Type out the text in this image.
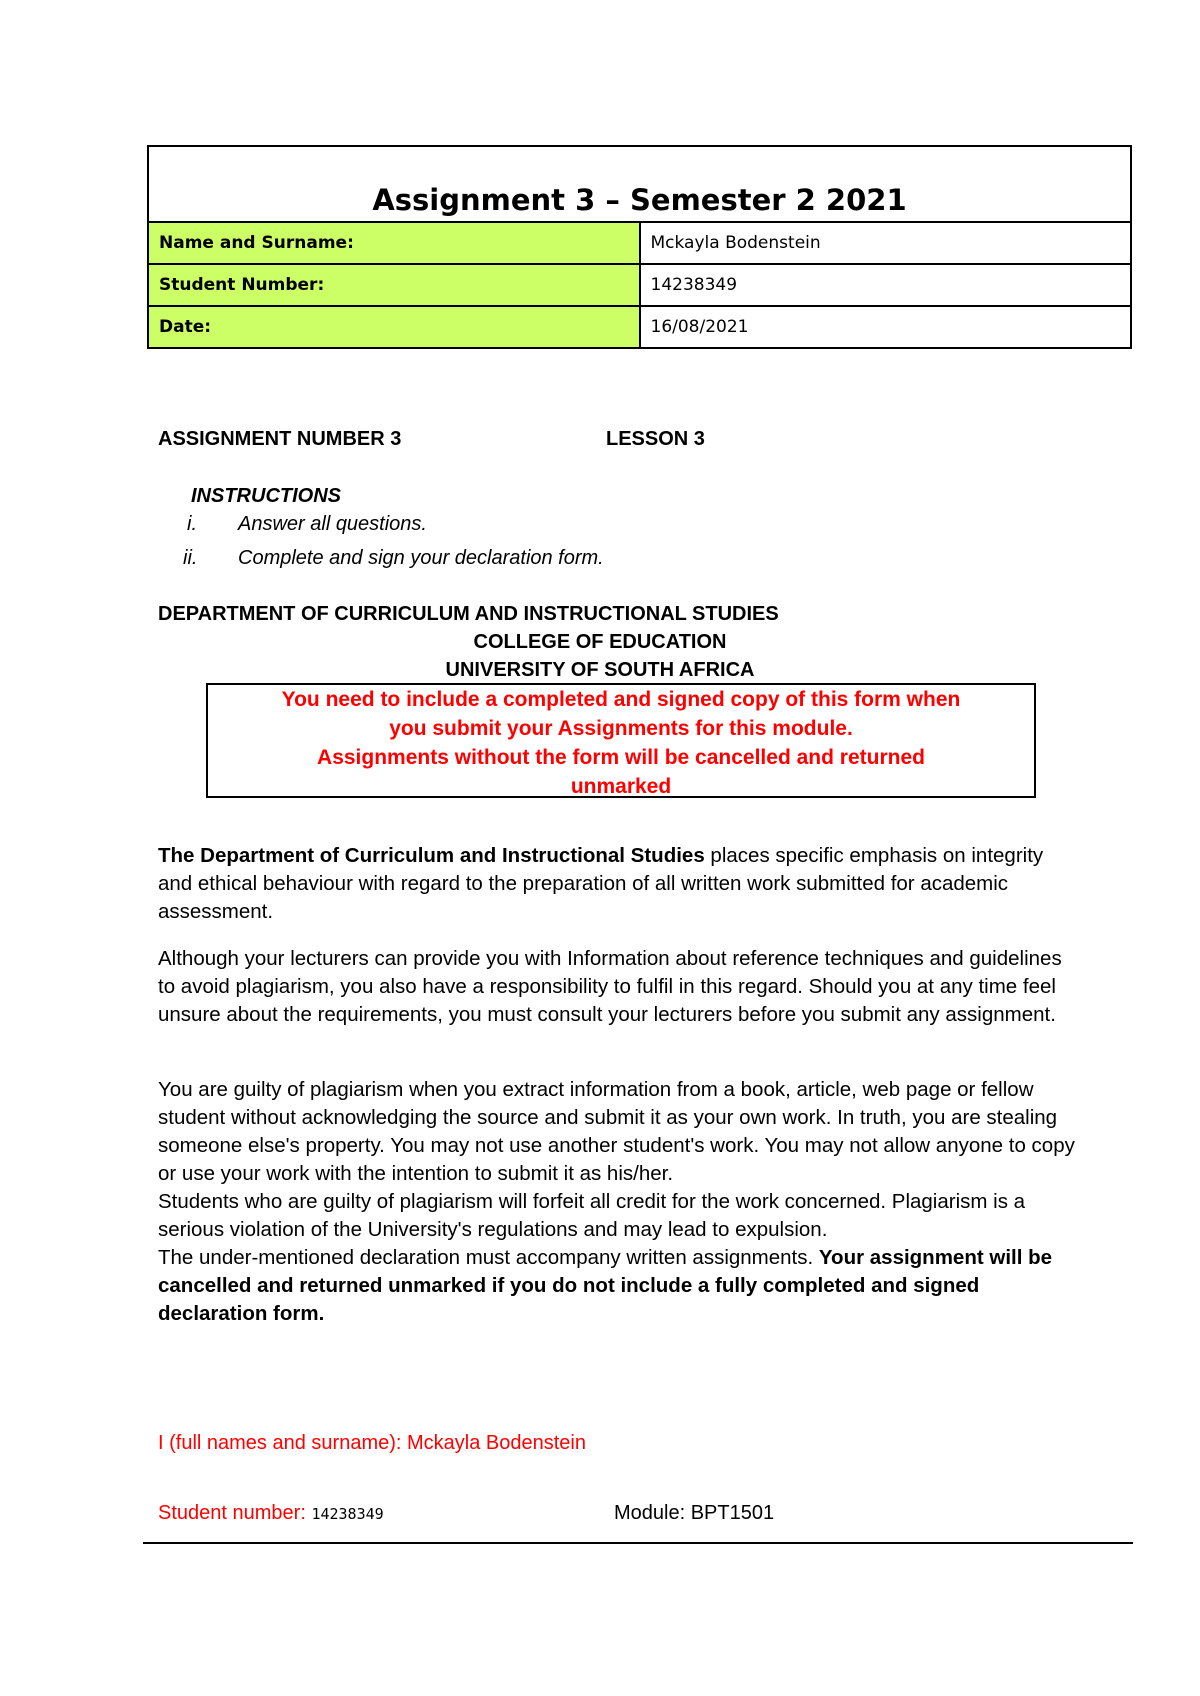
Assignment 3 – Semester 2 2021	
Name and Surname:	Mckayla Bodenstein
Student Number:	14238349
Date:	16/08/2021
ASSIGNMENT NUMBER 3	LESSON 3
INSTRUCTIONS
i. Answer all questions.
ii. Complete and sign your declaration form.
DEPARTMENT OF CURRICULUM AND INSTRUCTIONAL STUDIES
COLLEGE OF EDUCATION
UNIVERSITY OF SOUTH AFRICA
You need to include a completed and signed copy of this form when
you submit your Assignments for this module.
Assignments without the form will be cancelled and returned
unmarked

The Department of Curriculum and Instructional Studies places specific emphasis on integrity and ethical behaviour with regard to the preparation of all written work submitted for academic assessment.

Although your lecturers can provide you with Information about reference techniques and guidelines to avoid plagiarism, you also have a responsibility to fulfil in this regard. Should you at any time feel unsure about the requirements, you must consult your lecturers before you submit any assignment.

You are guilty of plagiarism when you extract information from a book, article, web page or fellow student without acknowledging the source and submit it as your own work. In truth, you are stealing someone else's property. You may not use another student's work. You may not allow anyone to copy or use your work with the intention to submit it as his/her.

Students who are guilty of plagiarism will forfeit all credit for the work concerned. Plagiarism is a serious violation of the University's regulations and may lead to expulsion.

The under-mentioned declaration must accompany written assignments. Your assignment will be cancelled and returned unmarked if you do not include a fully completed and signed declaration form.

I (full names and surname): Mckayla Bodenstein
Student number: 14238349	Module: BPT1501
